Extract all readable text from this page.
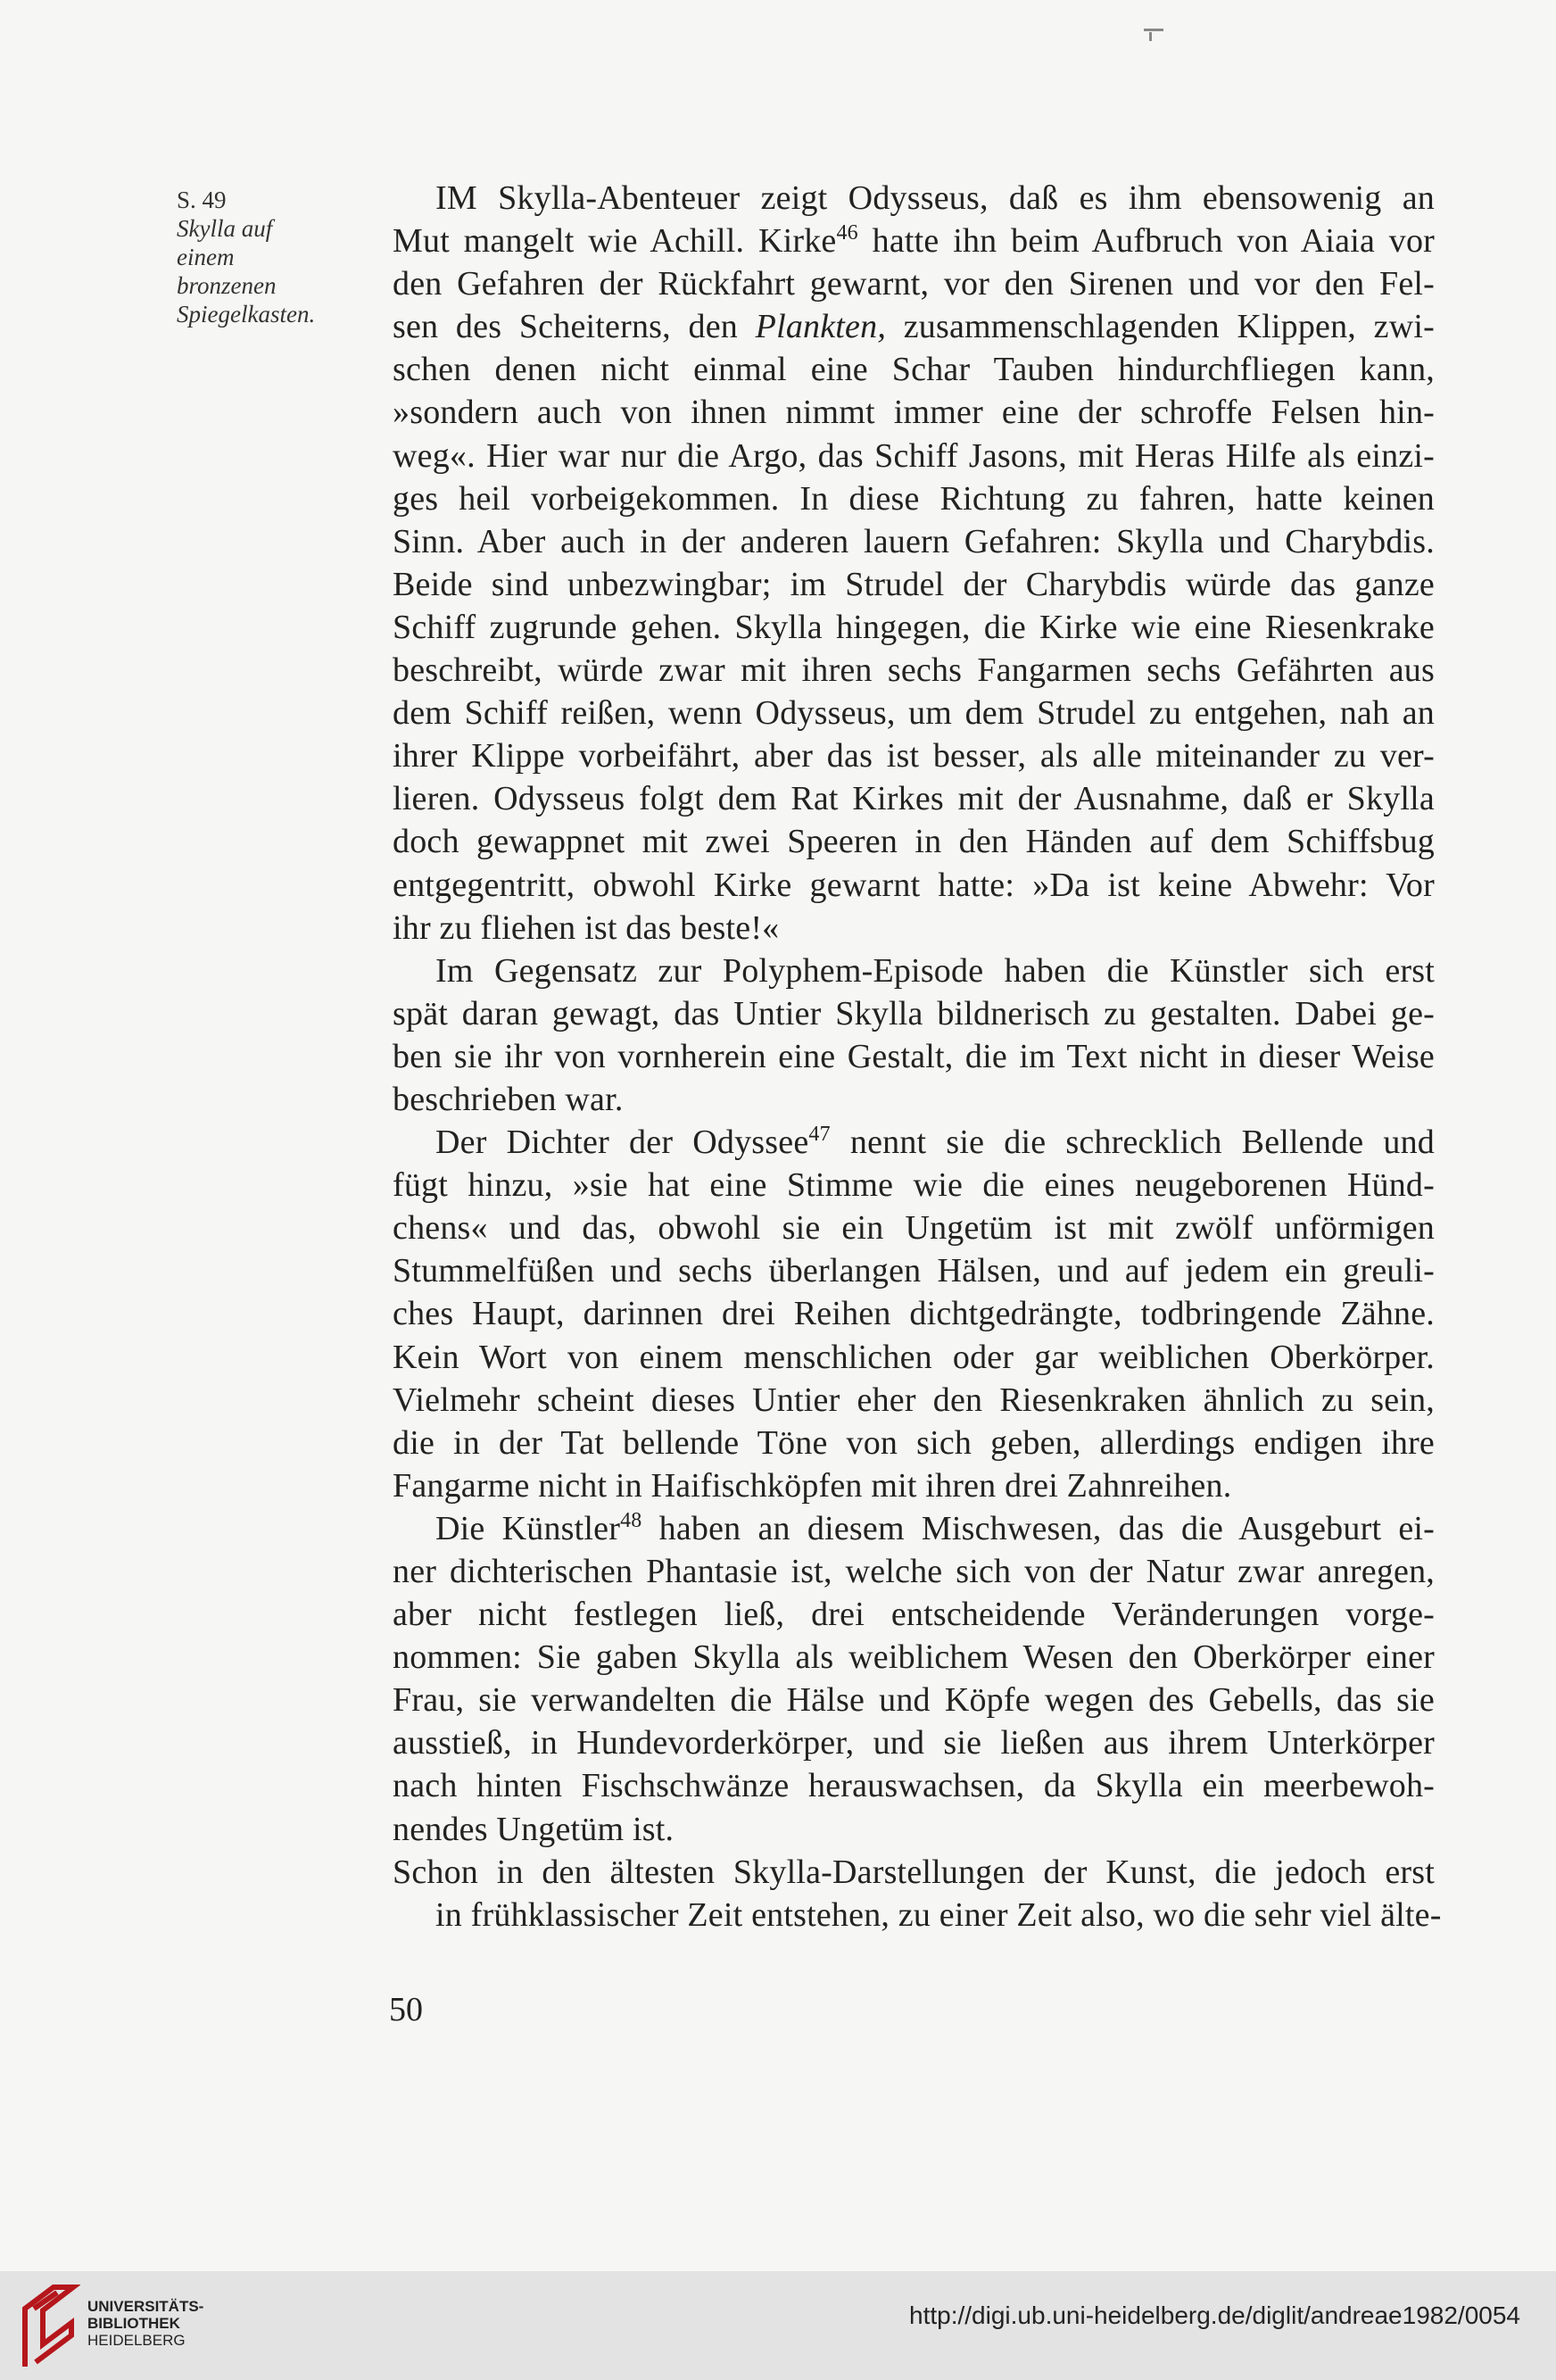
S. 49
Skylla auf
einem
bronzenen
Spiegelkasten.
IM Skylla-Abenteuer zeigt Odysseus, daß es ihm ebensowenig an
Mut mangelt wie Achill. Kirke$^{46}$ hatte ihn beim Aufbruch von Aiaia vor
den Gefahren der Rückfahrt gewarnt, vor den Sirenen und vor den Fel-
sen des Scheiterns, den Plankten, zusammenschlagenden Klippen, zwi-
schen denen nicht einmal eine Schar Tauben hindurchfliegen kann,
»sondern auch von ihnen nimmt immer eine der schroffe Felsen hin-
weg«. Hier war nur die Argo, das Schiff Jasons, mit Heras Hilfe als einzi-
ges heil vorbeigekommen. In diese Richtung zu fahren, hatte keinen
Sinn. Aber auch in der anderen lauern Gefahren: Skylla und Charybdis.
Beide sind unbezwingbar; im Strudel der Charybdis würde das ganze
Schiff zugrunde gehen. Skylla hingegen, die Kirke wie eine Riesenkrake
beschreibt, würde zwar mit ihren sechs Fangarmen sechs Gefährten aus
dem Schiff reißen, wenn Odysseus, um dem Strudel zu entgehen, nah an
ihrer Klippe vorbeifährt, aber das ist besser, als alle miteinander zu ver-
lieren. Odysseus folgt dem Rat Kirkes mit der Ausnahme, daß er Skylla
doch gewappnet mit zwei Speeren in den Händen auf dem Schiffsbug
entgegentritt, obwohl Kirke gewarnt hatte: »Da ist keine Abwehr: Vor
ihr zu fliehen ist das beste!«
Im Gegensatz zur Polyphem-Episode haben die Künstler sich erst
spät daran gewagt, das Untier Skylla bildnerisch zu gestalten. Dabei ge-
ben sie ihr von vornherein eine Gestalt, die im Text nicht in dieser Weise
beschrieben war.
Der Dichter der Odyssee$^{47}$ nennt sie die schrecklich Bellende und
fügt hinzu, »sie hat eine Stimme wie die eines neugeborenen Hünd-
chens« und das, obwohl sie ein Ungetüm ist mit zwölf unförmigen
Stummelfüßen und sechs überlangen Hälsen, und auf jedem ein greuli-
ches Haupt, darinnen drei Reihen dichtgedrängte, todbringende Zähne.
Kein Wort von einem menschlichen oder gar weiblichen Oberkörper.
Vielmehr scheint dieses Untier eher den Riesenkraken ähnlich zu sein,
die in der Tat bellende Töne von sich geben, allerdings endigen ihre
Fangarme nicht in Haifischköpfen mit ihren drei Zahnreihen.
Die Künstler$^{48}$ haben an diesem Mischwesen, das die Ausgeburt ei-
ner dichterischen Phantasie ist, welche sich von der Natur zwar anregen,
aber nicht festlegen ließ, drei entscheidende Veränderungen vorge-
nommen: Sie gaben Skylla als weiblichem Wesen den Oberkörper einer
Frau, sie verwandelten die Hälse und Köpfe wegen des Gebells, das sie
ausstieß, in Hundevorderkörper, und sie ließen aus ihrem Unterkörper
nach hinten Fischschwänze herauswachsen, da Skylla ein meerbewoh-
nendes Ungetüm ist.
Schon in den ältesten Skylla-Darstellungen der Kunst, die jedoch erst
in frühklassischer Zeit entstehen, zu einer Zeit also, wo die sehr viel älte-
50
UNIVERSITÄTS-
BIBLIOTHEK
HEIDELBERG
http://digi.ub.uni-heidelberg.de/diglit/andreae1982/0054
